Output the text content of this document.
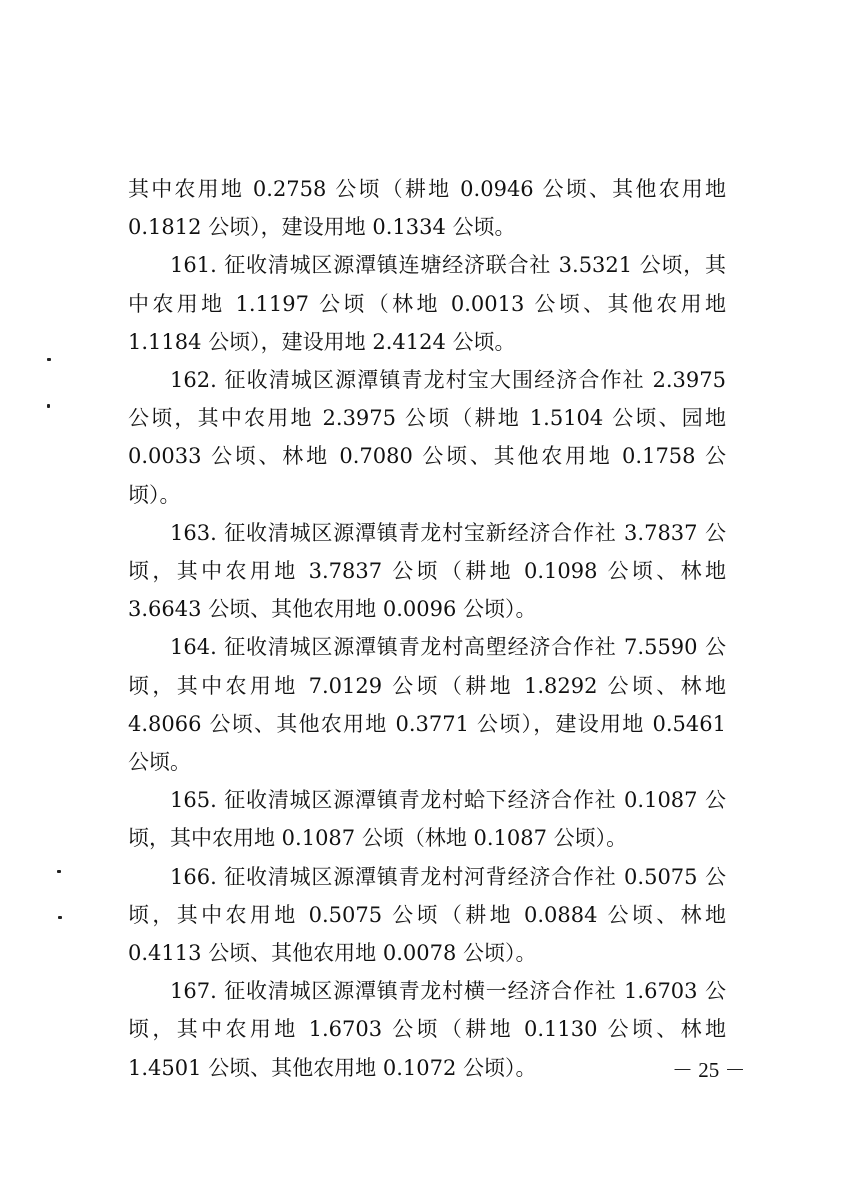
其中农用地 0.2758 公顷（耕地 0.0946 公顷、其他农用地 0.1812 公顷），建设用地 0.1334 公顷。

161. 征收清城区源潭镇连塘经济联合社 3.5321 公顷，其中农用地 1.1197 公顷（林地 0.0013 公顷、其他农用地 1.1184 公顷），建设用地 2.4124 公顷。

162. 征收清城区源潭镇青龙村宝大围经济合作社 2.3975 公顷，其中农用地 2.3975 公顷（耕地 1.5104 公顷、园地 0.0033 公顷、林地 0.7080 公顷、其他农用地 0.1758 公顷）。

163. 征收清城区源潭镇青龙村宝新经济合作社 3.7837 公顷，其中农用地 3.7837 公顷（耕地 0.1098 公顷、林地 3.6643 公顷、其他农用地 0.0096 公顷）。

164. 征收清城区源潭镇青龙村高塱经济合作社 7.5590 公顷，其中农用地 7.0129 公顷（耕地 1.8292 公顷、林地 4.8066 公顷、其他农用地 0.3771 公顷），建设用地 0.5461 公顷。

165. 征收清城区源潭镇青龙村蛤下经济合作社 0.1087 公顷，其中农用地 0.1087 公顷（林地 0.1087 公顷）。

166. 征收清城区源潭镇青龙村河背经济合作社 0.5075 公顷，其中农用地 0.5075 公顷（耕地 0.0884 公顷、林地 0.4113 公顷、其他农用地 0.0078 公顷）。

167. 征收清城区源潭镇青龙村横一经济合作社 1.6703 公顷，其中农用地 1.6703 公顷（耕地 0.1130 公顷、林地 1.4501 公顷、其他农用地 0.1072 公顷）。	－ 25 －
